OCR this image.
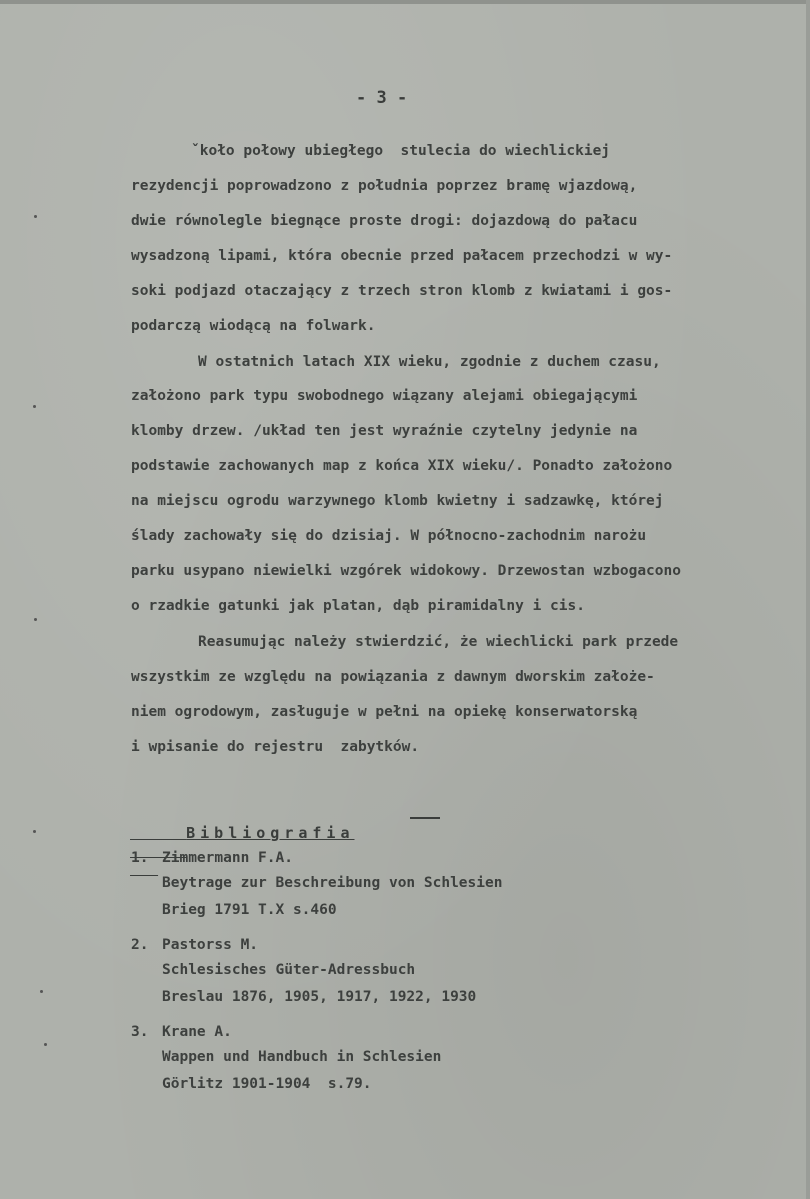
- 3 -
ˇkoło połowy ubiegłego  stulecia do wiechlickiej
rezydencji poprowadzono z południa poprzez bramę wjazdową,
dwie równolegle biegnące proste drogi: dojazdową do pałacu
wysadzoną lipami, która obecnie przed pałacem przechodzi w wy-
soki podjazd otaczający z trzech stron klomb z kwiatami i gos-
podarczą wiodącą na folwark.
W ostatnich latach XIX wieku, zgodnie z duchem czasu,
założono park typu swobodnego wiązany alejami obiegającymi
klomby drzew. /układ ten jest wyraźnie czytelny jedynie na
podstawie zachowanych map z końca XIX wieku/. Ponadto założono
na miejscu ogrodu warzywnego klomb kwietny i sadzawkę, której
ślady zachowały się do dzisiaj. W północno-zachodnim narożu
parku usypano niewielki wzgórek widokowy. Drzewostan wzbogacono
o rzadkie gatunki jak platan, dąb piramidalny i cis.
Reasumując należy stwierdzić, że wiechlicki park przede
wszystkim ze względu na powiązania z dawnym dworskim założe-
niem ogrodowym, zasługuje w pełni na opiekę konserwatorską
i wpisanie do rejestru  zabytków.

Bibliografia

1. Zimmermann F.A.
Beytrage zur Beschreibung von Schlesien
Brieg 1791 T.X s.460
2. Pastorss M.
Schlesisches Güter-Adressbuch
Breslau 1876, 1905, 1917, 1922, 1930
3. Krane A.
Wappen und Handbuch in Schlesien
Görlitz 1901-1904  s.79.
